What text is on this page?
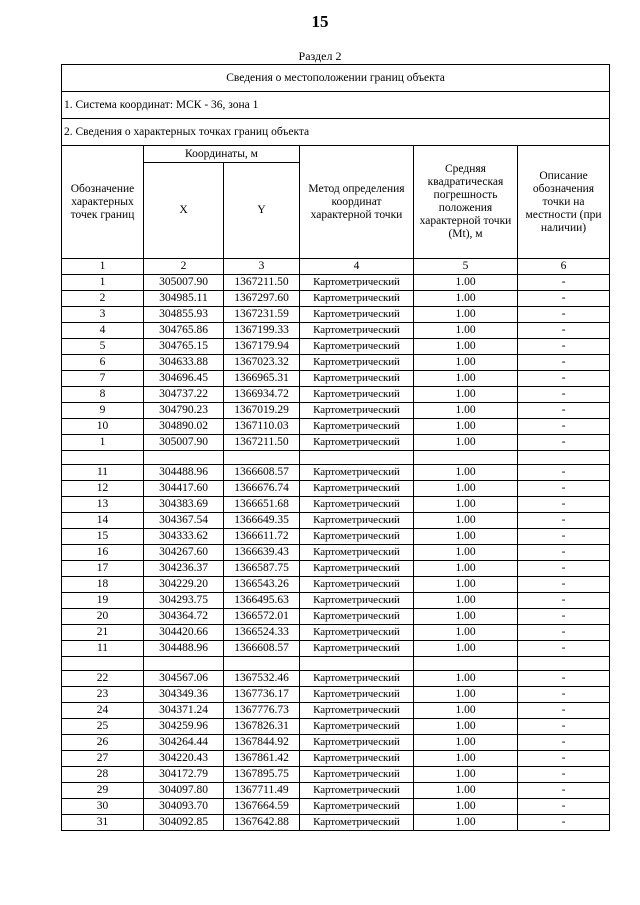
15
Раздел 2
Сведения о местоположении границ объекта					
1. Система координат: МСК - 36, зона 1					
2. Сведения о характерных точках границ объекта					
Обозначение характерных точек границ	Координаты, м		Метод определения координат характерной точки	Средняя квадратическая погрешность положения характерной точки (Mt), м	Описание обозначения точки на местности (при наличии)
	X	Y			
1	2	3	4	5	6
1	305007.90	1367211.50	Картометрический	1.00	-
2	304985.11	1367297.60	Картометрический	1.00	-
3	304855.93	1367231.59	Картометрический	1.00	-
4	304765.86	1367199.33	Картометрический	1.00	-
5	304765.15	1367179.94	Картометрический	1.00	-
6	304633.88	1367023.32	Картометрический	1.00	-
7	304696.45	1366965.31	Картометрический	1.00	-
8	304737.22	1366934.72	Картометрический	1.00	-
9	304790.23	1367019.29	Картометрический	1.00	-
10	304890.02	1367110.03	Картометрический	1.00	-
1	305007.90	1367211.50	Картометрический	1.00	-

11	304488.96	1366608.57	Картометрический	1.00	-
12	304417.60	1366676.74	Картометрический	1.00	-
13	304383.69	1366651.68	Картометрический	1.00	-
14	304367.54	1366649.35	Картометрический	1.00	-
15	304333.62	1366611.72	Картометрический	1.00	-
16	304267.60	1366639.43	Картометрический	1.00	-
17	304236.37	1366587.75	Картометрический	1.00	-
18	304229.20	1366543.26	Картометрический	1.00	-
19	304293.75	1366495.63	Картометрический	1.00	-
20	304364.72	1366572.01	Картометрический	1.00	-
21	304420.66	1366524.33	Картометрический	1.00	-
11	304488.96	1366608.57	Картометрический	1.00	-

22	304567.06	1367532.46	Картометрический	1.00	-
23	304349.36	1367736.17	Картометрический	1.00	-
24	304371.24	1367776.73	Картометрический	1.00	-
25	304259.96	1367826.31	Картометрический	1.00	-
26	304264.44	1367844.92	Картометрический	1.00	-
27	304220.43	1367861.42	Картометрический	1.00	-
28	304172.79	1367895.75	Картометрический	1.00	-
29	304097.80	1367711.49	Картометрический	1.00	-
30	304093.70	1367664.59	Картометрический	1.00	-
31	304092.85	1367642.88	Картометрический	1.00	-
